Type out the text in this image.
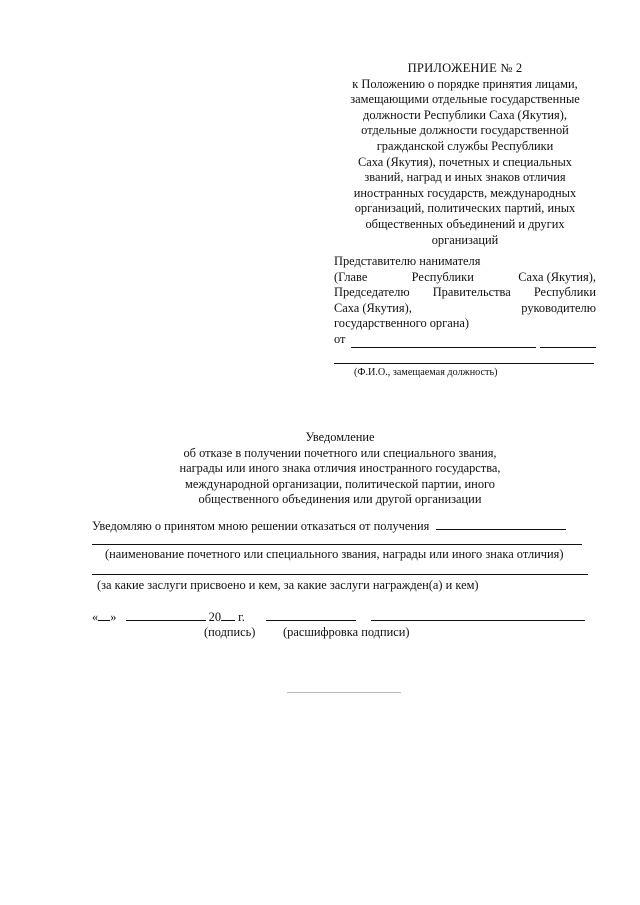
ПРИЛОЖЕНИЕ № 2
к Положению о порядке принятия лицами,
замещающими отдельные государственные
должности Республики Саха (Якутия),
отдельные должности государственной
гражданской службы Республики
Саха (Якутия), почетных и специальных
званий, наград и иных знаков отличия
иностранных государств, международных
организаций, политических партий, иных
общественных объединений и других
организаций
Представителю нанимателя
(Главе	Республики	Саха (Якутия),
Председателю Правительства Республики
Саха (Якутия),	руководителю
государственного органа)
от
(Ф.И.О., замещаемая должность)
Уведомление
об отказе в получении почетного или специального звания,
награды или иного знака отличия иностранного государства,
международной организации, политической партии, иного
общественного объединения или другой организации
Уведомляю о принятом мною решении отказаться от получения
(наименование почетного или специального звания, награды или иного знака отличия)
(за какие заслуги присвоено и кем, за какие заслуги награжден(а) и кем)
« »	20 г.
(подпись) (расшифровка подписи)
